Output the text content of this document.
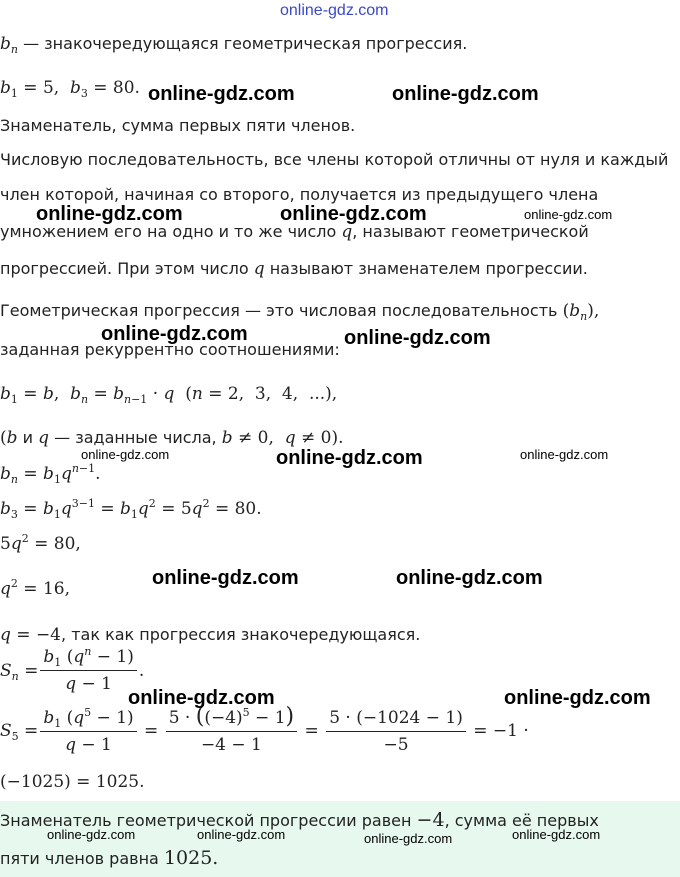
online-gdz.com
$b_n$ — знакочередующаяся геометрическая прогрессия.
$b_1 = 5$,  $b_3 = 80$.
Знаменатель, сумма первых пяти членов.
Числовую последовательность, все члены которой отличны от нуля и каждый
член которой, начиная со второго, получается из предыдущего члена
умножением его на одно и то же число q, называют геометрической
прогрессией. При этом число q называют знаменателем прогрессии.
Геометрическая прогрессия — это числовая последовательность $(b_n)$,
заданная рекуррентно соотношениями:
$b_1 = b$,  $b_n = b_{n-1} \cdot q$  (n = 2,  3,  4,  ...),
(b и q — заданные числа, b ≠ 0,  q ≠ 0).
$b_n = b_1q^{n-1}$.
$b_3 = b_1q^{3-1} = b_1q^2 = 5q^2 = 80$.
$5q^2 = 80$,
$q^2 = 16$,
q = −4, так как прогрессия знакочередующаяся.
$S_n = \frac{b_1 (q^n - 1)}{q - 1}$ .
$S_5 = \frac{b_1 (q^5 - 1)}{q - 1} = \frac{5 \cdot ((-4)^5 - 1)}{-4 - 1} = \frac{5 \cdot (-1024 - 1)}{-5} = -1$ ·
(−1025) = 1025.
Знаменатель геометрической прогрессии равен −4, сумма её первых
пяти членов равна 1025.
online-gdz.com	online-gdz.com
online-gdz.com	online-gdz.com	online-gdz.com
online-gdz.com	online-gdz.com
online-gdz.com	online-gdz.com	online-gdz.com
online-gdz.com	online-gdz.com
online-gdz.com	online-gdz.com
online-gdz.com	online-gdz.com	online-gdz.com	online-gdz.com
